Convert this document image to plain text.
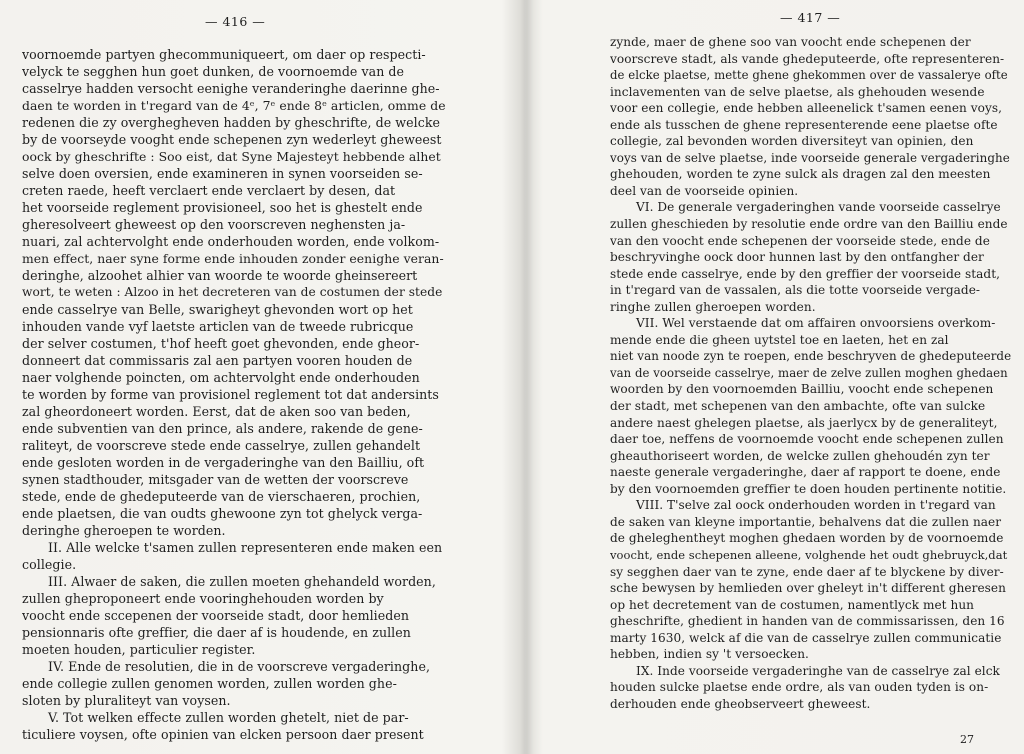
— 416 —
voornoemde partyen ghecommuniqueert, om daer op respecti-
velyck te segghen hun goet dunken, de voornoemde van de
casselrye hadden versocht eenighe veranderinghe daerinne ghe-
daen te worden in t'regard van de 4ᵉ, 7ᵉ ende 8ᵉ articlen, omme de
redenen die zy overghegheven hadden by gheschrifte, de welcke
by de voorseyde vooght ende schepenen zyn wederleyt gheweest
oock by gheschrifte : Soo eist, dat Syne Majesteyt hebbende alhet
selve doen oversien, ende examineren in synen voorseiden se-
creten raede, heeft verclaert ende verclaert by desen, dat
het voorseide reglement provisioneel, soo het is ghestelt ende
gheresolveert gheweest op den voorscreven neghensten ja-
nuari, zal achtervolght ende onderhouden worden, ende volkom-
men effect, naer syne forme ende inhouden zonder eenighe veran-
deringhe, alzoohet alhier van woorde te woorde gheinsereert
wort, te weten : Alzoo in het decreteren van de costumen der stede
ende casselrye van Belle, swarigheyt ghevonden wort op het
inhouden vande vyf laetste articlen van de tweede rubricque
der selver costumen, t'hof heeft goet ghevonden, ende gheor-
donneert dat commissaris zal aen partyen vooren houden de
naer volghende poincten, om achtervolght ende onderhouden
te worden by forme van provisionel reglement tot dat andersints
zal gheordoneert worden. Eerst, dat de aken soo van beden,
ende subventien van den prince, als andere, rakende de gene-
raliteyt, de voorscreve stede ende casselrye, zullen gehandelt
ende gesloten worden in de vergaderinghe van den Bailliu, oft
synen stadthouder, mitsgader van de wetten der voorscreve
stede, ende de ghedeputeerde van de vierschaeren, prochien,
ende plaetsen, die van oudts ghewoone zyn tot ghelyck verga-
deringhe gheroepen te worden.
II. Alle welcke t'samen zullen representeren ende maken een
collegie.
III. Alwaer de saken, die zullen moeten ghehandeld worden,
zullen gheproponeert ende vooringhehouden worden by
voocht ende sccepenen der voorseide stadt, door hemlieden
pensionnaris ofte greffier, die daer af is houdende, en zullen
moeten houden, particulier register.
IV. Ende de resolutien, die in de voorscreve vergaderinghe,
ende collegie zullen genomen worden, zullen worden ghe-
sloten by pluraliteyt van voysen.
V. Tot welken effecte zullen worden ghetelt, niet de par-
ticuliere voysen, ofte opinien van elcken persoon daer present
— 417 —
zynde, maer de ghene soo van voocht ende schepenen der
voorscreve stadt, als vande ghedeputeerde, ofte representeren-
de elcke plaetse, mette ghene ghekommen over de vassalerye ofte
inclavementen van de selve plaetse, als ghehouden wesende
voor een collegie, ende hebben alleenelick t'samen eenen voys,
ende als tusschen de ghene representerende eene plaetse ofte
collegie, zal bevonden worden diversiteyt van opinien, den
voys van de selve plaetse, inde voorseide generale vergaderinghe
ghehouden, worden te zyne sulck als dragen zal den meesten
deel van de voorseide opinien.
VI. De generale vergaderinghen vande voorseide casselrye
zullen gheschieden by resolutie ende ordre van den Bailliu ende
van den voocht ende schepenen der voorseide stede, ende de
beschryvinghe oock door hunnen last by den ontfangher der
stede ende casselrye, ende by den greffier der voorseide stadt,
in t'regard van de vassalen, als die totte voorseide vergade-
ringhe zullen gheroepen worden.
VII. Wel verstaende dat om affairen onvoorsiens overkom-
mende ende die gheen uytstel toe en laeten, het en zal
niet van noode zyn te roepen, ende beschryven de ghedeputeerde
van de voorseide casselrye, maer de zelve zullen moghen ghedaen
woorden by den voornoemden Bailliu, voocht ende schepenen
der stadt, met schepenen van den ambachte, ofte van sulcke
andere naest ghelegen plaetse, als jaerlycx by de generaliteyt,
daer toe, neffens de voornoemde voocht ende schepenen zullen
gheauthoriseert worden, de welcke zullen ghehoudén zyn ter
naeste generale vergaderinghe, daer af rapport te doene, ende
by den voornoemden greffier te doen houden pertinente notitie.
VIII. T'selve zal oock onderhouden worden in t'regard van
de saken van kleyne importantie, behalvens dat die zullen naer
de gheleghentheyt moghen ghedaen worden by de voornoemde
voocht, ende schepenen alleene, volghende het oudt ghebruyck,dat
sy segghen daer van te zyne, ende daer af te blyckene by diver-
sche bewysen by hemlieden over gheleyt in't different gheresen
op het decretement van de costumen, namentlyck met hun
gheschrifte, ghedient in handen van de commissarissen, den 16
marty 1630, welck af die van de casselrye zullen communicatie
hebben, indien sy 't versoecken.
IX. Inde voorseide vergaderinghe van de casselrye zal elck
houden sulcke plaetse ende ordre, als van ouden tyden is on-
derhouden ende gheobserveert gheweest.
27
